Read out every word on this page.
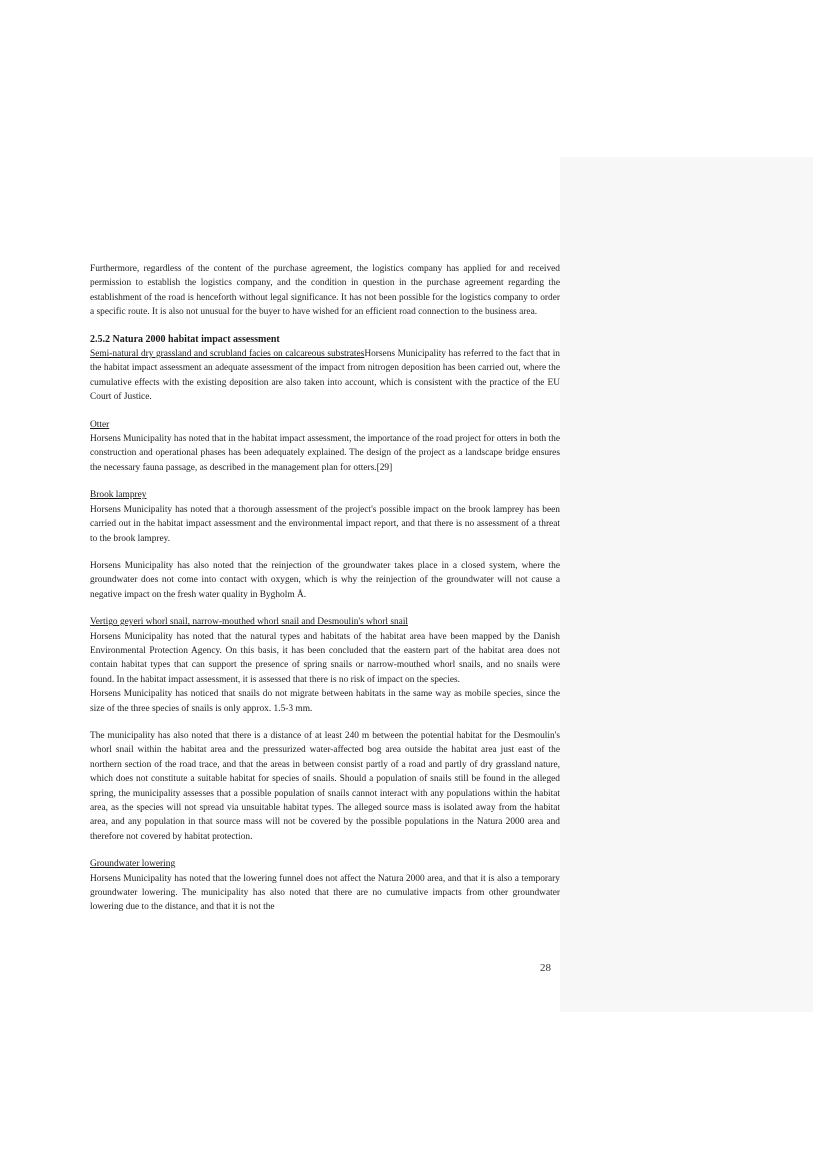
Furthermore, regardless of the content of the purchase agreement, the logistics company has applied for and received permission to establish the logistics company, and the condition in question in the purchase agreement regarding the establishment of the road is henceforth without legal significance. It has not been possible for the logistics company to order a specific route. It is also not unusual for the buyer to have wished for an efficient road connection to the business area.

2.5.2 Natura 2000 habitat impact assessment

Semi-natural dry grassland and scrubland facies on calcareous substratesHorsens Municipality has referred to the fact that in the habitat impact assessment an adequate assessment of the impact from nitrogen deposition has been carried out, where the cumulative effects with the existing deposition are also taken into account, which is consistent with the practice of the EU Court of Justice.

Otter

Horsens Municipality has noted that in the habitat impact assessment, the importance of the road project for otters in both the construction and operational phases has been adequately explained. The design of the project as a landscape bridge ensures the necessary fauna passage, as described in the management plan for otters.[29]

Brook lamprey

Horsens Municipality has noted that a thorough assessment of the project's possible impact on the brook lamprey has been carried out in the habitat impact assessment and the environmental impact report, and that there is no assessment of a threat to the brook lamprey.

Horsens Municipality has also noted that the reinjection of the groundwater takes place in a closed system, where the groundwater does not come into contact with oxygen, which is why the reinjection of the groundwater will not cause a negative impact on the fresh water quality in Bygholm Å.

Vertigo geyeri whorl snail, narrow-mouthed whorl snail and Desmoulin's whorl snail

Horsens Municipality has noted that the natural types and habitats of the habitat area have been mapped by the Danish Environmental Protection Agency. On this basis, it has been concluded that the eastern part of the habitat area does not contain habitat types that can support the presence of spring snails or narrow-mouthed whorl snails, and no snails were found. In the habitat impact assessment, it is assessed that there is no risk of impact on the species.

Horsens Municipality has noticed that snails do not migrate between habitats in the same way as mobile species, since the size of the three species of snails is only approx. 1.5-3 mm.

The municipality has also noted that there is a distance of at least 240 m between the potential habitat for the Desmoulin's whorl snail within the habitat area and the pressurized water-affected bog area outside the habitat area just east of the northern section of the road trace, and that the areas in between consist partly of a road and partly of dry grassland nature, which does not constitute a suitable habitat for species of snails. Should a population of snails still be found in the alleged spring, the municipality assesses that a possible population of snails cannot interact with any populations within the habitat area, as the species will not spread via unsuitable habitat types. The alleged source mass is isolated away from the habitat area, and any population in that source mass will not be covered by the possible populations in the Natura 2000 area and therefore not covered by habitat protection.

Groundwater lowering

Horsens Municipality has noted that the lowering funnel does not affect the Natura 2000 area, and that it is also a temporary groundwater lowering. The municipality has also noted that there are no cumulative impacts from other groundwater lowering due to the distance, and that it is not the

28
